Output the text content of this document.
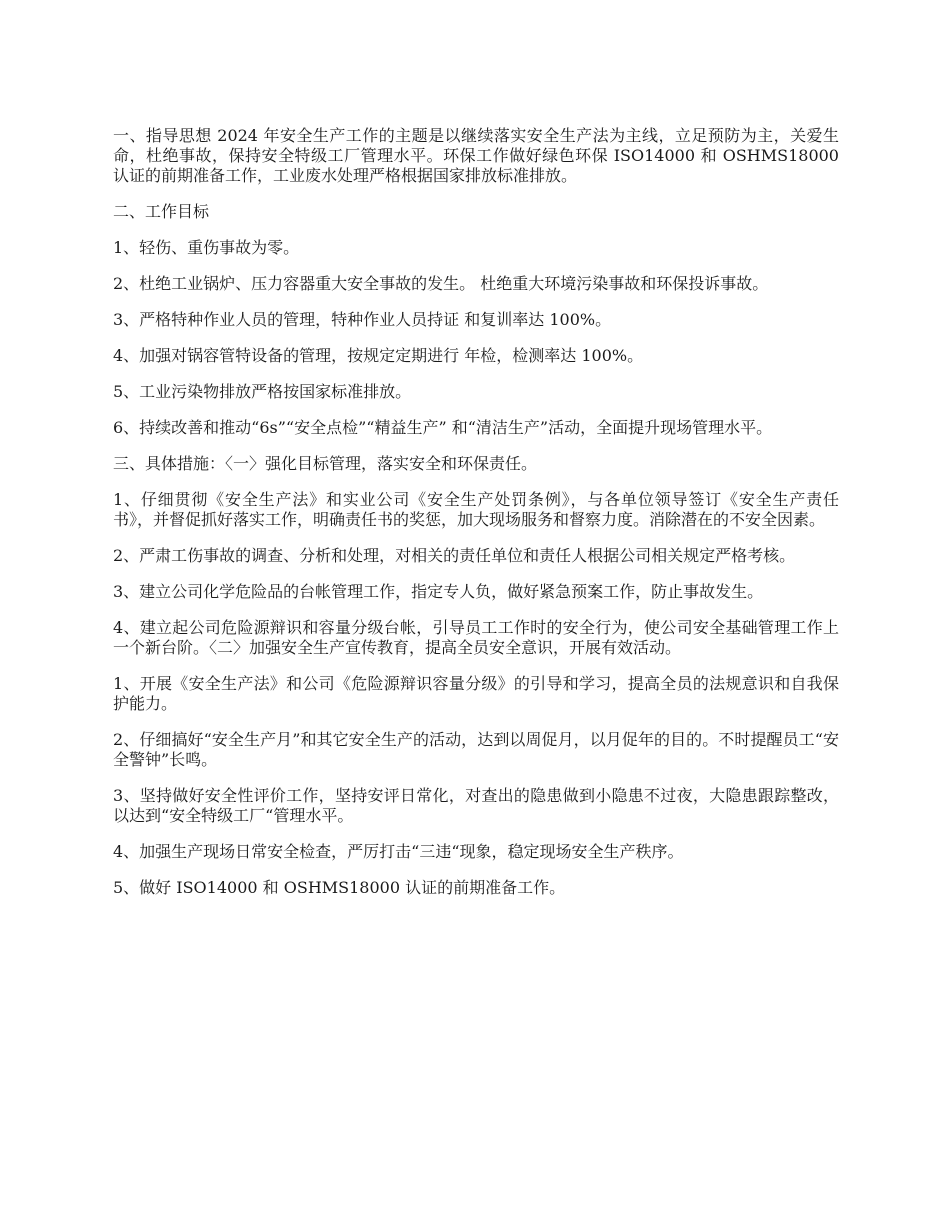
一、指导思想 2024 年安全生产工作的主题是以继续落实安全生产法为主线，立足预防为主，关爱生命，杜绝事故，保持安全特级工厂管理水平。环保工作做好绿色环保 ISO14000 和 OSHMS18000 认证的前期准备工作，工业废水处理严格根据国家排放标准排放。

二、工作目标

1、轻伤、重伤事故为零。

2、杜绝工业锅炉、压力容器重大安全事故的发生。 杜绝重大环境污染事故和环保投诉事故。

3、严格特种作业人员的管理，特种作业人员持证 和复训率达 100%。

4、加强对锅容管特设备的管理，按规定定期进行 年检，检测率达 100%。

5、工业污染物排放严格按国家标准排放。

6、持续改善和推动“6s”“安全点检”“精益生产” 和“清洁生产”活动，全面提升现场管理水平。

三、具体措施：〈一〉强化目标管理，落实安全和环保责任。

1、仔细贯彻《安全生产法》和实业公司《安全生产处罚条例》，与各单位领导签订《安全生产责任书》，并督促抓好落实工作，明确责任书的奖惩，加大现场服务和督察力度。消除潜在的不安全因素。

2、严肃工伤事故的调查、分析和处理，对相关的责任单位和责任人根据公司相关规定严格考核。

3、建立公司化学危险品的台帐管理工作，指定专人负，做好紧急预案工作，防止事故发生。

4、建立起公司危险源辩识和容量分级台帐，引导员工工作时的安全行为，使公司安全基础管理工作上一个新台阶。〈二〉加强安全生产宣传教育，提高全员安全意识，开展有效活动。

1、开展《安全生产法》和公司《危险源辩识容量分级》的引导和学习，提高全员的法规意识和自我保护能力。

2、仔细搞好“安全生产月”和其它安全生产的活动，达到以周促月，以月促年的目的。不时提醒员工“安全警钟”长鸣。

3、坚持做好安全性评价工作，坚持安评日常化，对查出的隐患做到小隐患不过夜，大隐患跟踪整改，以达到“安全特级工厂“管理水平。

4、加强生产现场日常安全检查，严厉打击“三违“现象，稳定现场安全生产秩序。

5、做好 ISO14000 和 OSHMS18000 认证的前期准备工作。
